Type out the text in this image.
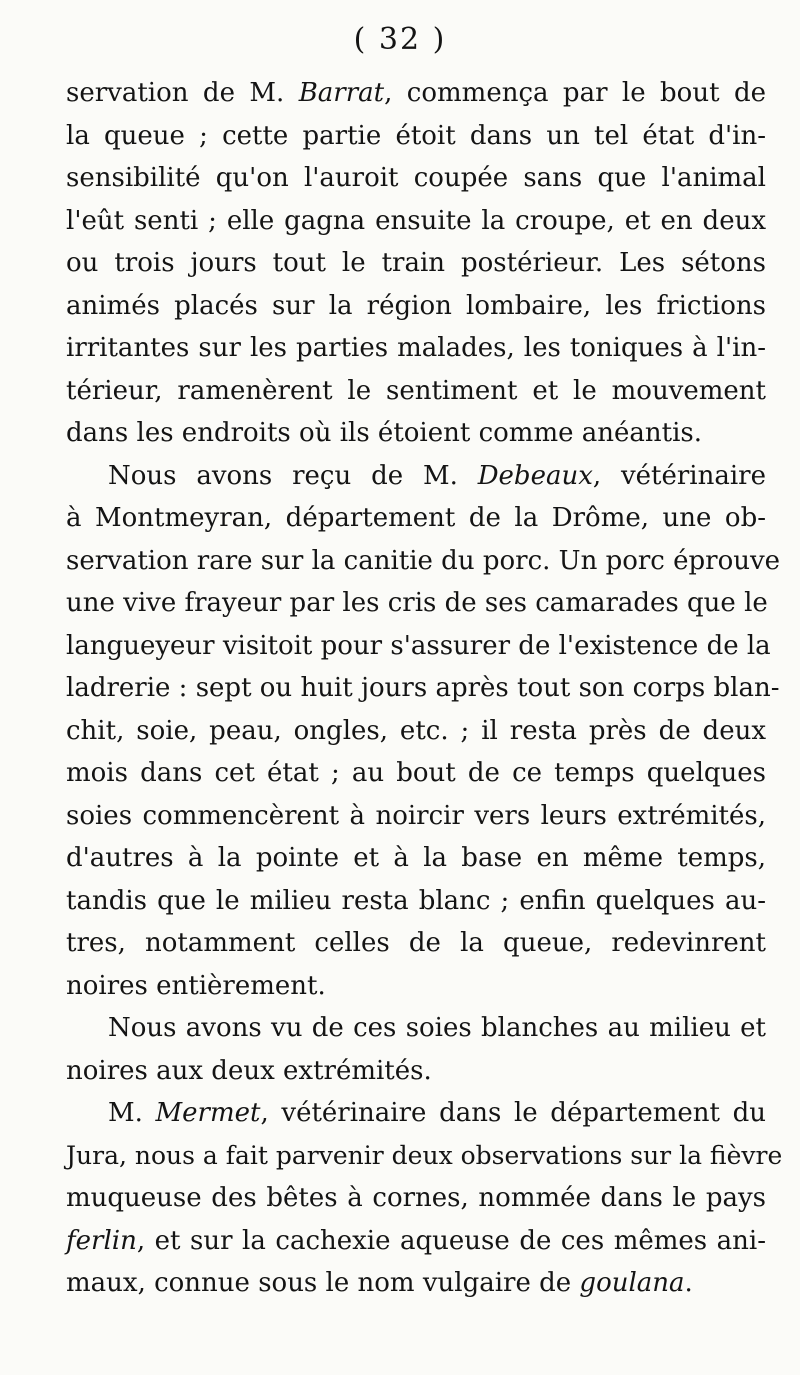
( 32 )
servation de M. Barrat, commença par le bout de
la queue ; cette partie étoit dans un tel état d'in-
sensibilité qu'on l'auroit coupée sans que l'animal
l'eût senti ; elle gagna ensuite la croupe, et en deux
ou trois jours tout le train postérieur. Les sétons
animés placés sur la région lombaire, les frictions
irritantes sur les parties malades, les toniques à l'in-
térieur, ramenèrent le sentiment et le mouvement
dans les endroits où ils étoient comme anéantis.
Nous avons reçu de M. Debeaux, vétérinaire
à Montmeyran, département de la Drôme, une ob-
servation rare sur la canitie du porc. Un porc éprouve
une vive frayeur par les cris de ses camarades que le
langueyeur visitoit pour s'assurer de l'existence de la
ladrerie : sept ou huit jours après tout son corps blan-
chit, soie, peau, ongles, etc. ; il resta près de deux
mois dans cet état ; au bout de ce temps quelques
soies commencèrent à noircir vers leurs extrémités,
d'autres à la pointe et à la base en même temps,
tandis que le milieu resta blanc ; enfin quelques au-
tres, notamment celles de la queue, redevinrent
noires entièrement.
Nous avons vu de ces soies blanches au milieu et
noires aux deux extrémités.
M. Mermet, vétérinaire dans le département du
Jura, nous a fait parvenir deux observations sur la fièvre
muqueuse des bêtes à cornes, nommée dans le pays
ferlin, et sur la cachexie aqueuse de ces mêmes ani-
maux, connue sous le nom vulgaire de goulana.
